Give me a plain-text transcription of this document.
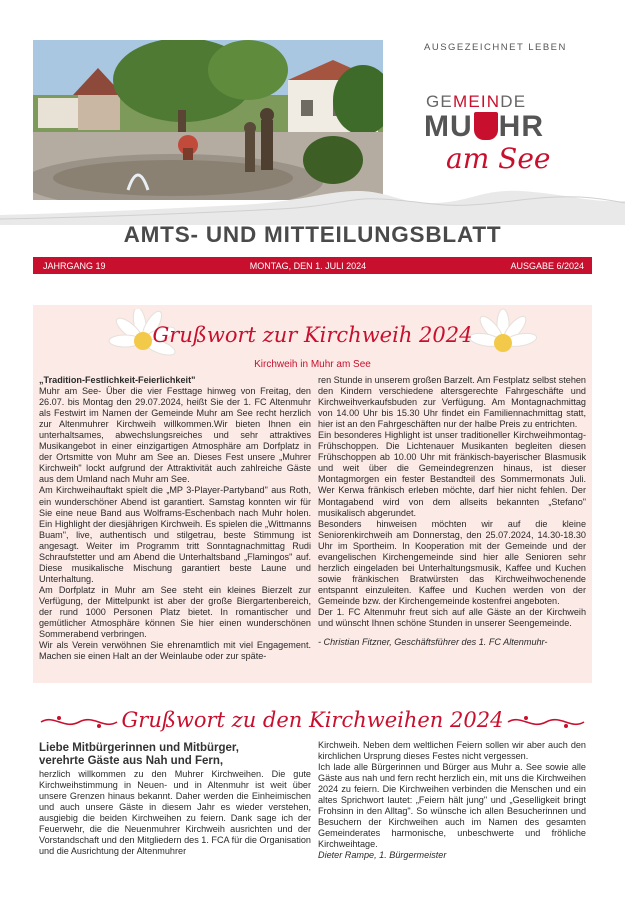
AUSGEZEICHNET LEBEN
GEMEINDE
MU HR
am See
AMTS- UND MITTEILUNGSBLATT
JAHRGANG 19	MONTAG, DEN 1. JULI 2024	AUSGABE 6/2024
Grußwort zur Kirchweih 2024
Kirchweih in Muhr am See

„Tradition-Festlichkeit-Feierlichkeit"

Muhr am See- Über die vier Festtage hinweg von Freitag, den 26.07. bis Montag den 29.07.2024, heißt Sie der 1. FC Altenmuhr als Festwirt im Namen der Gemeinde Muhr am See recht herzlich zur Altenmuhrer Kirchweih willkommen.Wir bieten Ihnen ein unterhaltsames, abwechslungsreiches und sehr attraktives Musikangebot in einer einzigartigen Atmosphäre am Dorfplatz in der Ortsmitte von Muhr am See an. Dieses Fest unsere „Muhrer Kirchweih" lockt aufgrund der Attraktivität auch zahlreiche Gäste aus dem Umland nach Muhr am See.

Am Kirchweihauftakt spielt die „MP 3-Player-Partyband" aus Roth, ein wunderschöner Abend ist garantiert. Samstag konnten wir für Sie eine neue Band aus Wolframs-Eschenbach nach Muhr holen. Ein Highlight der diesjährigen Kirchweih. Es spielen die „Wittmanns Buam", live, authentisch und stilgetrau, beste Stimmung ist angesagt. Weiter im Programm tritt Sonntagnachmittag Rudi Schraufstetter und am Abend die Unterhaltsband „Flamingos" auf. Diese musikalische Mischung garantiert beste Laune und Unterhaltung.

Am Dorfplatz in Muhr am See steht ein kleines Bierzelt zur Verfügung, der Mittelpunkt ist aber der große Biergartenbereich, der rund 1000 Personen Platz bietet. In romantischer und gemütlicher Atmosphäre können Sie hier einen wunderschönen Sommerabend verbringen.

Wir als Verein verwöhnen Sie ehrenamtlich mit viel Engagement. Machen sie einen Halt an der Weinlaube oder zur späte-

ren Stunde in unserem großen Barzelt. Am Festplatz selbst stehen den Kindern verschiedene altersgerechte Fahrgeschäfte und Kirchweihverkaufsbuden zur Verfügung. Am Montagnachmittag von 14.00 Uhr bis 15.30 Uhr findet ein Familiennachmittag statt, hier ist an den Fahrgeschäften nur der halbe Preis zu entrichten.

Ein besonderes Highlight ist unser traditioneller Kirchweihmontag-Frühschoppen. Die Lichtenauer Musikanten begleiten diesen Frühschoppen ab 10.00 Uhr mit fränkisch-bayerischer Blasmusik und weit über die Gemeindegrenzen hinaus, ist dieser Montagmorgen ein fester Bestandteil des Sommermonats Juli. Wer Kerwa fränkisch erleben möchte, darf hier nicht fehlen. Der Montagabend wird von dem allseits bekannten „Stefano" musikalisch abgerundet.

Besonders hinweisen möchten wir auf die kleine Seniorenkirchweih am Donnerstag, den 25.07.2024, 14.30-18.30 Uhr im Sportheim. In Kooperation mit der Gemeinde und der evangelischen Kirchengemeinde sind hier alle Senioren sehr herzlich eingeladen bei Unterhaltungsmusik, Kaffee und Kuchen sowie fränkischen Bratwürsten das Kirchweihwochenende entspannt einzuleiten. Kaffee und Kuchen werden von der Gemeinde bzw. der Kirchengemeinde kostenfrei angeboten.

Der 1. FC Altenmuhr freut sich auf alle Gäste an der Kirchweih und wünscht Ihnen schöne Stunden in unserer Seengemeinde.

- Christian Fitzner, Geschäftsführer des 1. FC Altenmuhr-

Grußwort zu den Kirchweihen 2024

Liebe Mitbürgerinnen und Mitbürger,

verehrte Gäste aus Nah und Fern,

herzlich willkommen zu den Muhrer Kirchweihen. Die gute Kirchweihstimmung in Neuen- und in Altenmuhr ist weit über unsere Grenzen hinaus bekannt. Daher werden die Einheimischen und auch unsere Gäste in diesem Jahr es wieder verstehen, ausgiebig die beiden Kirchweihen zu feiern. Dank sage ich der Feuerwehr, die die Neuenmuhrer Kirchweih ausrichten und der Vorstandschaft und den Mitgliedern des 1. FCA für die Organisation und die Ausrichtung der Altenmuhrer

Kirchweih. Neben dem weltlichen Feiern sollen wir aber auch den kirchlichen Ursprung dieses Festes nicht vergessen.

Ich lade alle Bürgerinnen und Bürger aus Muhr a. See sowie alle Gäste aus nah und fern recht herzlich ein, mit uns die Kirchweihen 2024 zu feiern. Die Kirchweihen verbinden die Menschen und ein altes Sprichwort lautet: „Feiern hält jung" und „Geselligkeit bringt Frohsinn in den Alltag". So wünsche ich allen Besucherinnen und Besuchern der Kirchweihen auch im Namen des gesamten Gemeinderates harmonische, unbeschwerte und fröhliche Kirchweihtage.

Dieter Rampe, 1. Bürgermeister
